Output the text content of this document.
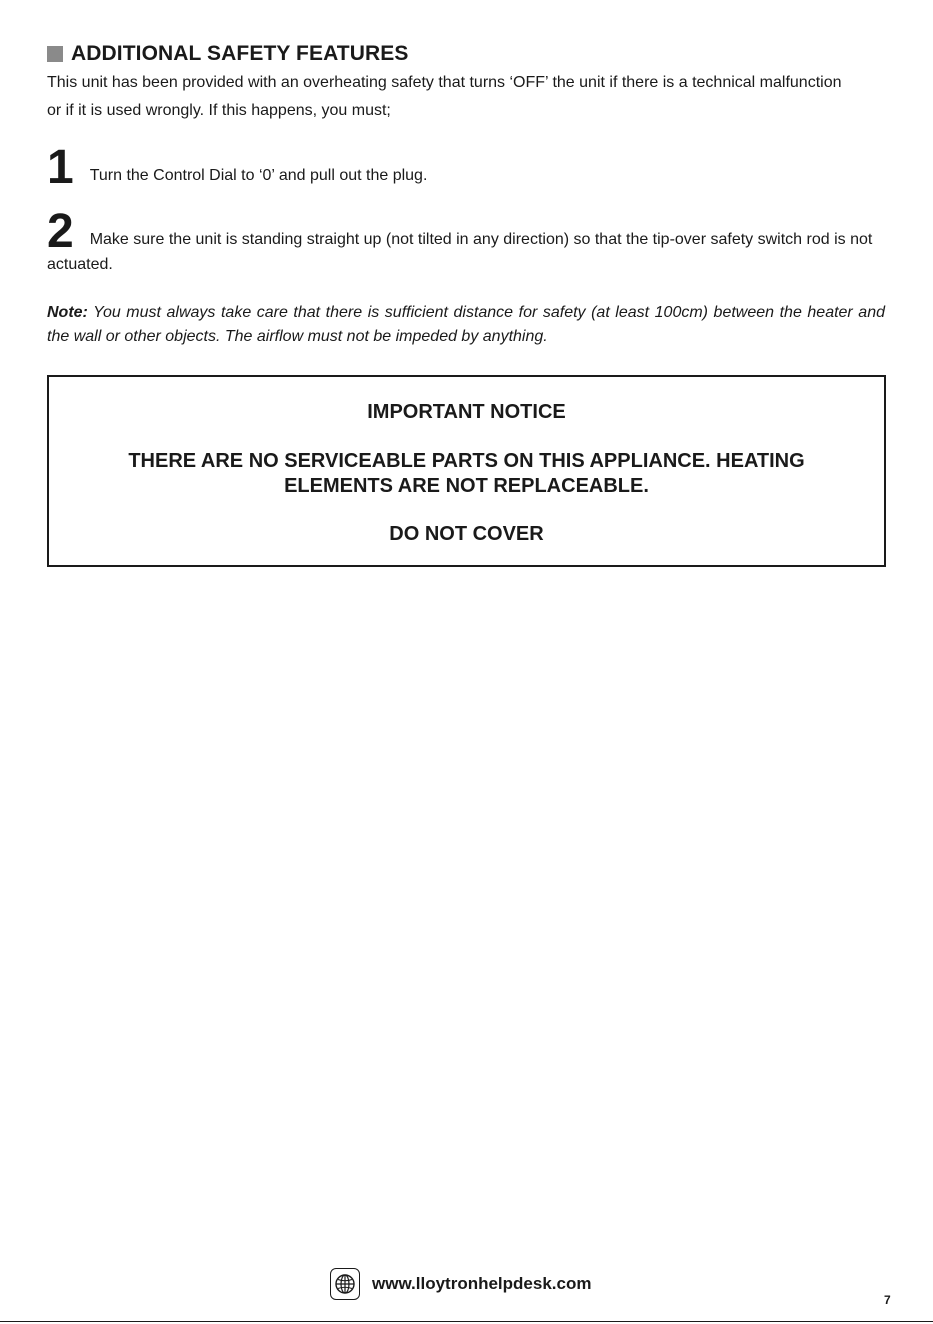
ADDITIONAL SAFETY FEATURES
This unit has been provided with an overheating safety that turns ‘OFF’ the unit if there is a technical malfunction or if it is used wrongly. If this happens, you must;
1 Turn the Control Dial to ‘0’ and pull out the plug.
2 Make sure the unit is standing straight up (not tilted in any direction) so that the tip-over safety switch rod is not actuated.
Note: You must always take care that there is sufficient distance for safety (at least 100cm) between the heater and the wall or other objects. The airflow must not be impeded by anything.
IMPORTANT NOTICE
THERE ARE NO SERVICEABLE PARTS ON THIS APPLIANCE. HEATING ELEMENTS ARE NOT REPLACEABLE.
DO NOT COVER
www.lloytronhelpdesk.com
7
